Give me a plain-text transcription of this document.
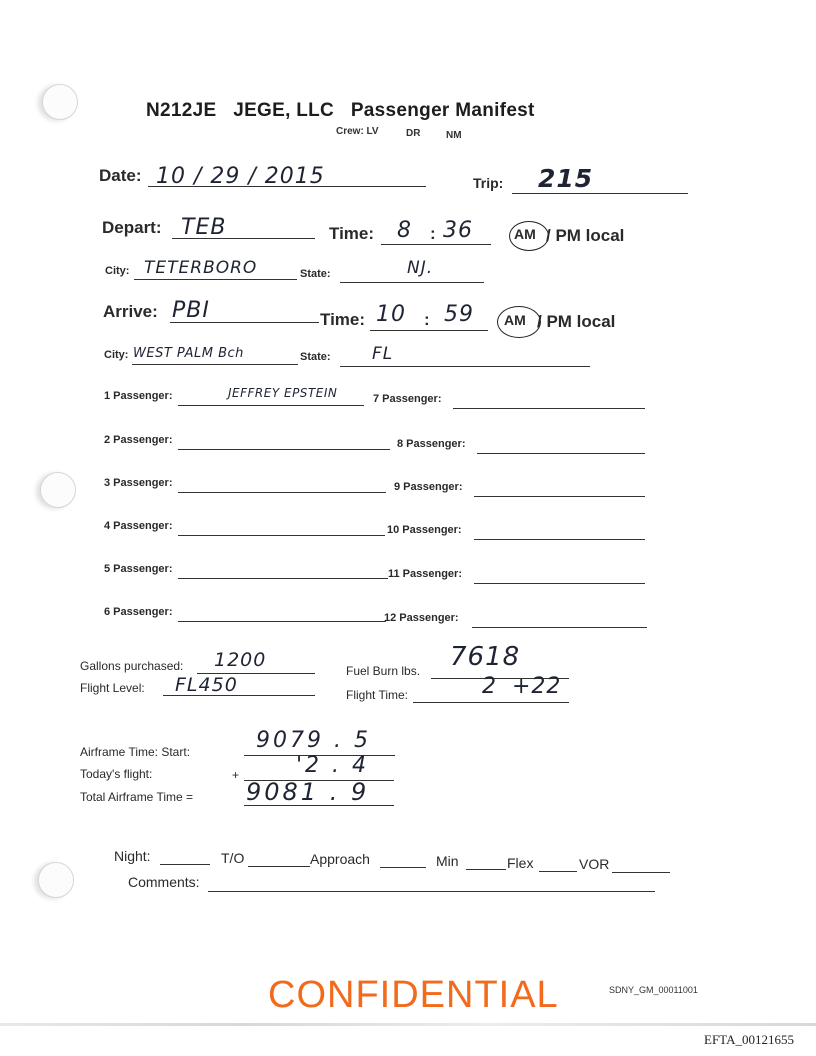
N212JE   JEGE, LLC   Passenger Manifest
Crew: LV	DR	NM
Date: 10 / 29 / 2015	Trip: 215
Depart: TEB	Time: 8 : 36	AM / PM local
City: TETERBORO	State:	NJ.
Arrive: PBI	Time: 10 : 59 AM / PM local
City: WEST PALM Bch	State: FL
1 Passenger:	JEFFREY EPSTEIN
2 Passenger:
3 Passenger:
4 Passenger:
5 Passenger:
6 Passenger:
7 Passenger:
8 Passenger:
9 Passenger:
10 Passenger:
11 Passenger:
12 Passenger:
Gallons purchased: 1200	Fuel Burn lbs. 7618
Flight Level: FL450	Flight Time:	2 +22
Airframe Time: Start:	9079 . 5
Today's flight:	+	'2 . 4
Total Airframe Time = 9081 . 9
Night:	T/O	Approach	Min	Flex	VOR
Comments:
CONFIDENTIAL	SDNY_GM_00011001
EFTA_00121655
